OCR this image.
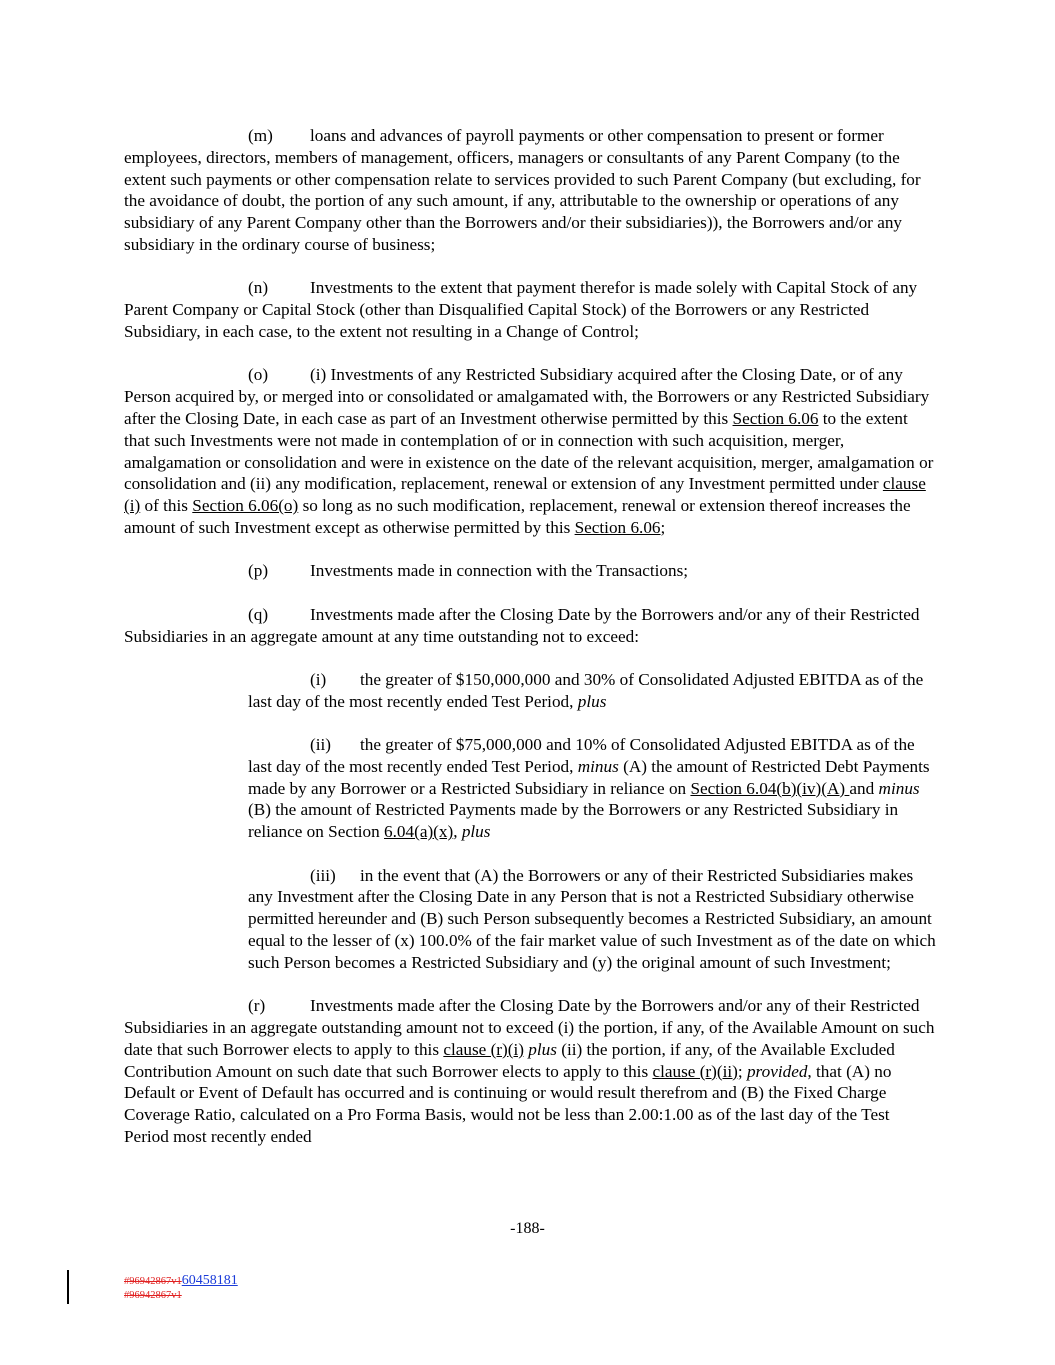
(m) loans and advances of payroll payments or other compensation to present or former employees, directors, members of management, officers, managers or consultants of any Parent Company (to the extent such payments or other compensation relate to services provided to such Parent Company (but excluding, for the avoidance of doubt, the portion of any such amount, if any, attributable to the ownership or operations of any subsidiary of any Parent Company other than the Borrowers and/or their subsidiaries)), the Borrowers and/or any subsidiary in the ordinary course of business;

(n) Investments to the extent that payment therefor is made solely with Capital Stock of any Parent Company or Capital Stock (other than Disqualified Capital Stock) of the Borrowers or any Restricted Subsidiary, in each case, to the extent not resulting in a Change of Control;

(o) (i) Investments of any Restricted Subsidiary acquired after the Closing Date, or of any Person acquired by, or merged into or consolidated or amalgamated with, the Borrowers or any Restricted Subsidiary after the Closing Date, in each case as part of an Investment otherwise permitted by this Section 6.06 to the extent that such Investments were not made in contemplation of or in connection with such acquisition, merger, amalgamation or consolidation and were in existence on the date of the relevant acquisition, merger, amalgamation or consolidation and (ii) any modification, replacement, renewal or extension of any Investment permitted under clause (i) of this Section 6.06(o) so long as no such modification, replacement, renewal or extension thereof increases the amount of such Investment except as otherwise permitted by this Section 6.06;

(p) Investments made in connection with the Transactions;

(q) Investments made after the Closing Date by the Borrowers and/or any of their Restricted Subsidiaries in an aggregate amount at any time outstanding not to exceed:

(i) the greater of $150,000,000 and 30% of Consolidated Adjusted EBITDA as of the last day of the most recently ended Test Period, plus

(ii) the greater of $75,000,000 and 10% of Consolidated Adjusted EBITDA as of the last day of the most recently ended Test Period, minus (A) the amount of Restricted Debt Payments made by any Borrower or a Restricted Subsidiary in reliance on Section 6.04(b)(iv)(A) and minus (B) the amount of Restricted Payments made by the Borrowers or any Restricted Subsidiary in reliance on Section 6.04(a)(x), plus

(iii) in the event that (A) the Borrowers or any of their Restricted Subsidiaries makes any Investment after the Closing Date in any Person that is not a Restricted Subsidiary otherwise permitted hereunder and (B) such Person subsequently becomes a Restricted Subsidiary, an amount equal to the lesser of (x) 100.0% of the fair market value of such Investment as of the date on which such Person becomes a Restricted Subsidiary and (y) the original amount of such Investment;

(r)	Investments made after the Closing Date by the Borrowers and/or any of their Restricted Subsidiaries in an aggregate outstanding amount not to exceed (i) the portion, if any, of the Available Amount on such date that such Borrower elects to apply to this clause (r)(i) plus (ii) the portion, if any, of the Available Excluded Contribution Amount on such date that such Borrower elects to apply to this clause (r)(ii); provided, that (A) no Default or Event of Default has occurred and is continuing or would result therefrom and (B) the Fixed Charge Coverage Ratio, calculated on a Pro Forma Basis, would not be less than 2.00:1.00 as of the last day of the Test Period most recently ended

-188-
#96942867v160458181
#96942867v1
